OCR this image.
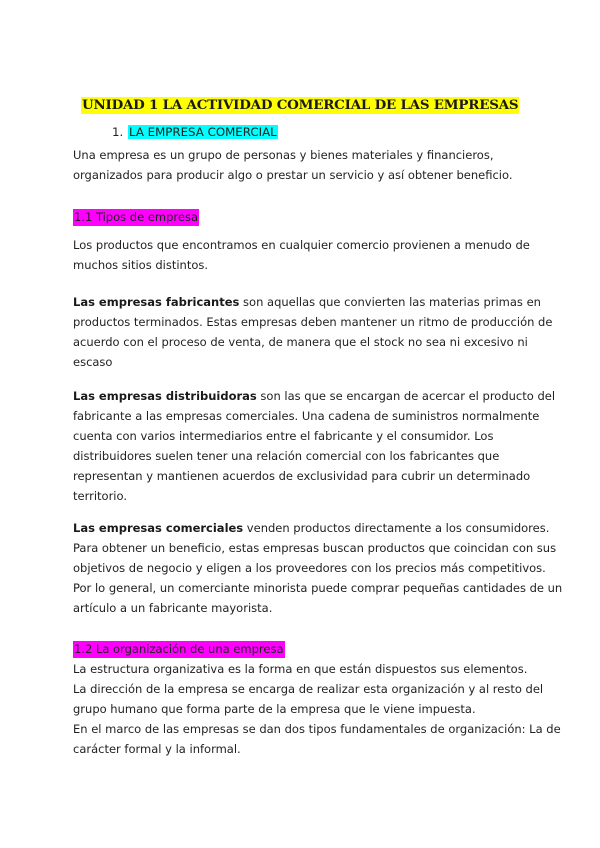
UNIDAD 1 LA ACTIVIDAD COMERCIAL DE LAS EMPRESAS
1. LA EMPRESA COMERCIAL

Una empresa es un grupo de personas y bienes materiales y financieros,

organizados para producir algo o prestar un servicio y así obtener beneficio.

1.1 Tipos de empresa

Los productos que encontramos en cualquier comercio provienen a menudo de

muchos sitios distintos.

Las empresas fabricantes son aquellas que convierten las materias primas en

productos terminados. Estas empresas deben mantener un ritmo de producción de

acuerdo con el proceso de venta, de manera que el stock no sea ni excesivo ni

escaso

Las empresas distribuidoras son las que se encargan de acercar el producto del

fabricante a las empresas comerciales. Una cadena de suministros normalmente

cuenta con varios intermediarios entre el fabricante y el consumidor. Los

distribuidores suelen tener una relación comercial con los fabricantes que

representan y mantienen acuerdos de exclusividad para cubrir un determinado

territorio.

Las empresas comerciales venden productos directamente a los consumidores.

Para obtener un beneficio, estas empresas buscan productos que coincidan con sus

objetivos de negocio y eligen a los proveedores con los precios más competitivos.

Por lo general, un comerciante minorista puede comprar pequeñas cantidades de un

artículo a un fabricante mayorista.

1.2 La organización de una empresa

La estructura organizativa es la forma en que están dispuestos sus elementos.

La dirección de la empresa se encarga de realizar esta organización y al resto del

grupo humano que forma parte de la empresa que le viene impuesta.

En el marco de las empresas se dan dos tipos fundamentales de organización: La de

carácter formal y la informal.
